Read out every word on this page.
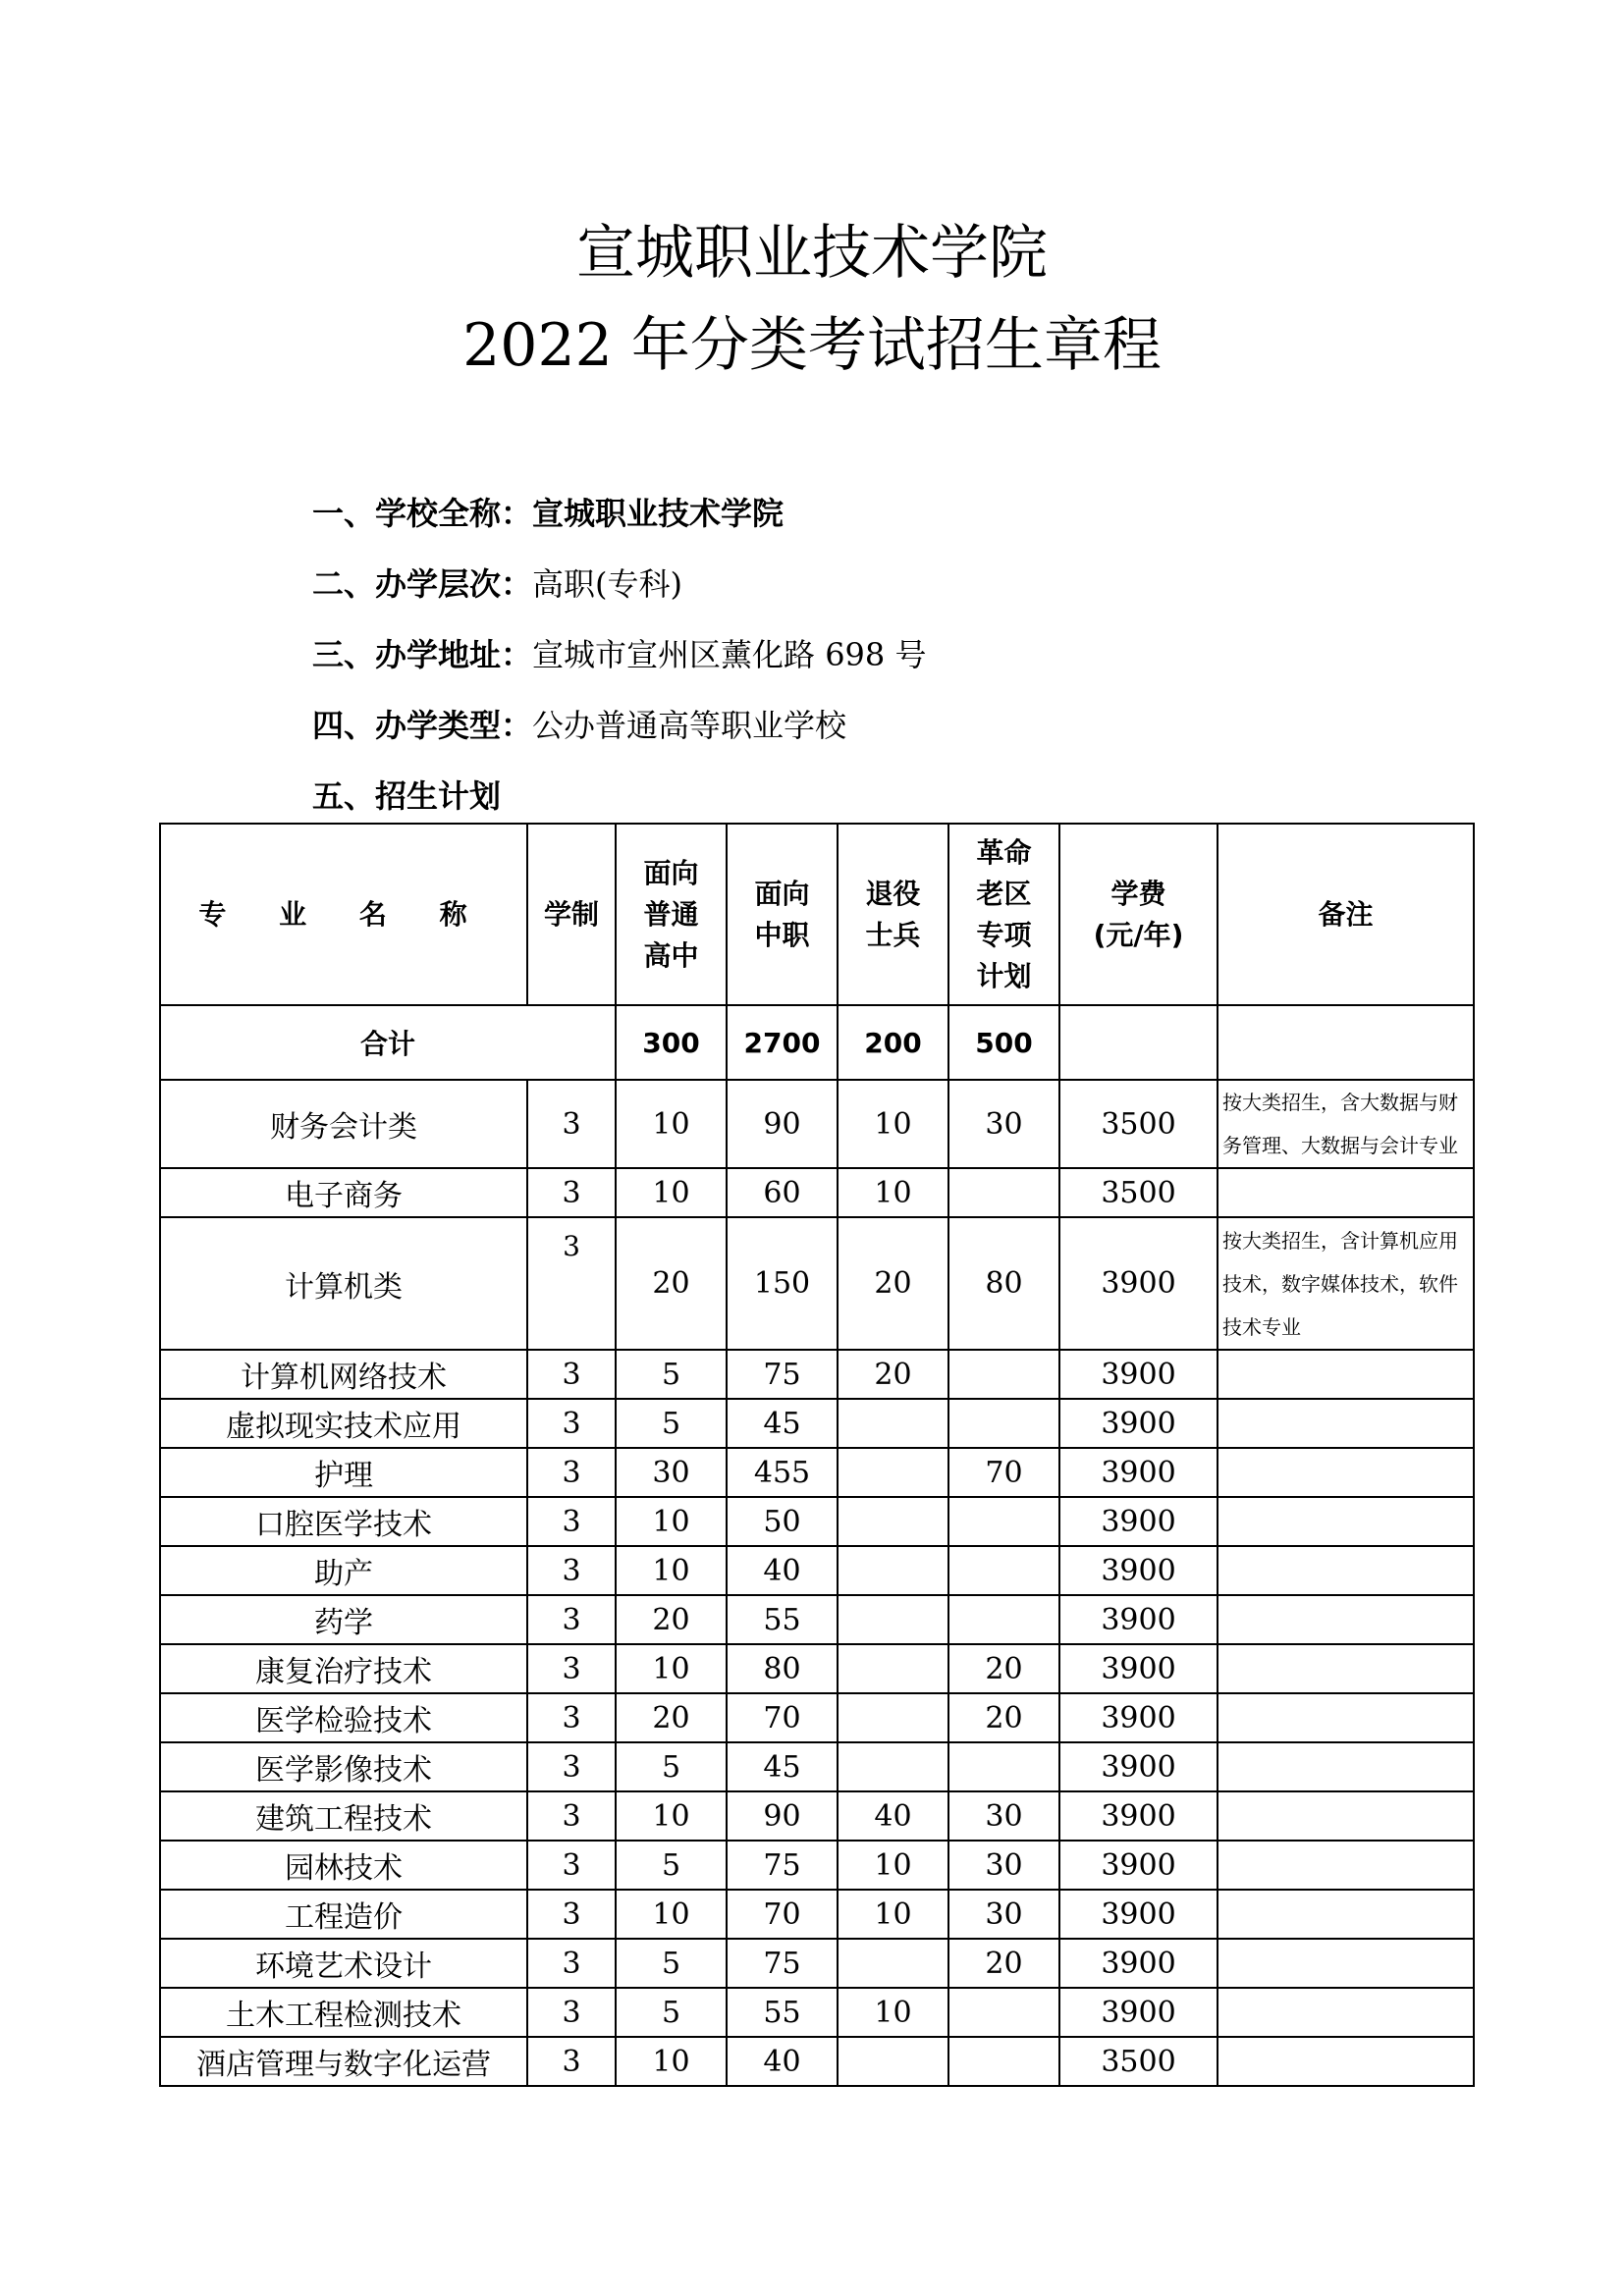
宣城职业技术学院
2022 年分类考试招生章程
一、学校全称：宣城职业技术学院
二、办学层次：高职(专科)
三、办学地址：宣城市宣州区薰化路 698 号
四、办学类型：公办普通高等职业学校
五、招生计划
专 业 名 称	学制	面向普通高中	面向中职	退役士兵	革命老区专项计划	学费(元/年)	备注
合计		300	2700	200	500		
财务会计类	3	10	90	10	30	3500	按大类招生，含大数据与财务管理、大数据与会计专业
电子商务	3	10	60	10		3500	
计算机类	3	20	150	20	80	3900	按大类招生，含计算机应用技术，数字媒体技术，软件技术专业
计算机网络技术	3	5	75	20		3900	
虚拟现实技术应用	3	5	45			3900	
护理	3	30	455		70	3900	
口腔医学技术	3	10	50			3900	
助产	3	10	40			3900	
药学	3	20	55			3900	
康复治疗技术	3	10	80		20	3900	
医学检验技术	3	20	70		20	3900	
医学影像技术	3	5	45			3900	
建筑工程技术	3	10	90	40	30	3900	
园林技术	3	5	75	10	30	3900	
工程造价	3	10	70	10	30	3900	
环境艺术设计	3	5	75		20	3900	
土木工程检测技术	3	5	55	10		3900	
酒店管理与数字化运营	3	10	40			3500	
